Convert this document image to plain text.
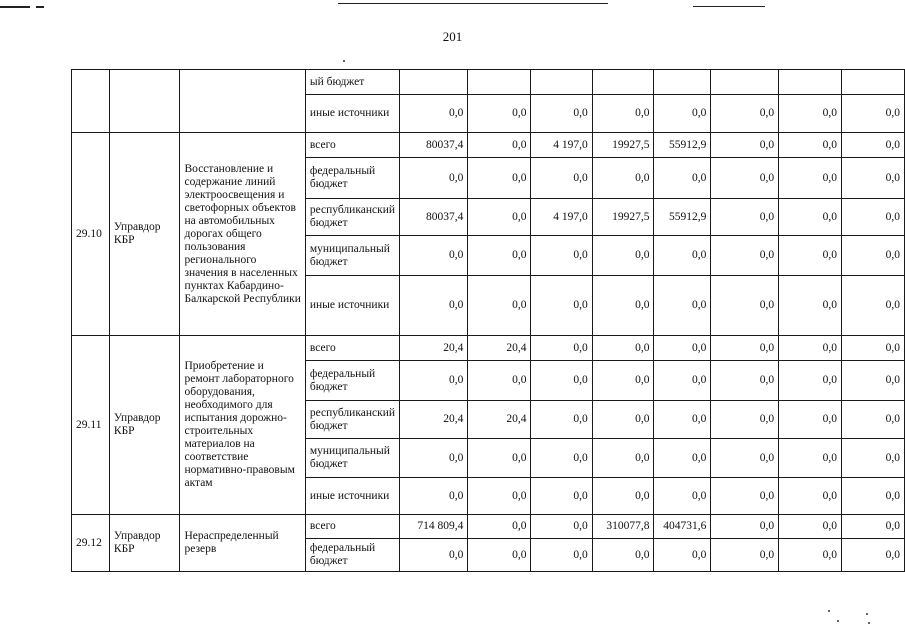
201
			ый бюджет								
			иные источники	0,0	0,0	0,0	0,0	0,0	0,0	0,0	0,0
29.10	Управдор КБР	Восстановление и содержание линий электроосвещения и светофорных объектов на автомобильных дорогах общего пользования регионального значения в населенных пунктах Кабардино-Балкарской Республики	всего	80037,4	0,0	4 197,0	19927,5	55912,9	0,0	0,0	0,0
			федеральный бюджет	0,0	0,0	0,0	0,0	0,0	0,0	0,0	0,0
			республиканский бюджет	80037,4	0,0	4 197,0	19927,5	55912,9	0,0	0,0	0,0
			муниципальный бюджет	0,0	0,0	0,0	0,0	0,0	0,0	0,0	0,0
			иные источники	0,0	0,0	0,0	0,0	0,0	0,0	0,0	0,0
29.11	Управдор КБР	Приобретение и ремонт лабораторного оборудования, необходимого для испытания дорожно-строительных материалов на соответствие нормативно-правовым актам	всего	20,4	20,4	0,0	0,0	0,0	0,0	0,0	0,0
			федеральный бюджет	0,0	0,0	0,0	0,0	0,0	0,0	0,0	0,0
			республиканский бюджет	20,4	20,4	0,0	0,0	0,0	0,0	0,0	0,0
			муниципальный бюджет	0,0	0,0	0,0	0,0	0,0	0,0	0,0	0,0
			иные источники	0,0	0,0	0,0	0,0	0,0	0,0	0,0	0,0
29.12	Управдор КБР	Нераспределенный резерв	всего	714 809,4	0,0	0,0	310077,8	404731,6	0,0	0,0	0,0
			федеральный бюджет	0,0	0,0	0,0	0,0	0,0	0,0	0,0	0,0
